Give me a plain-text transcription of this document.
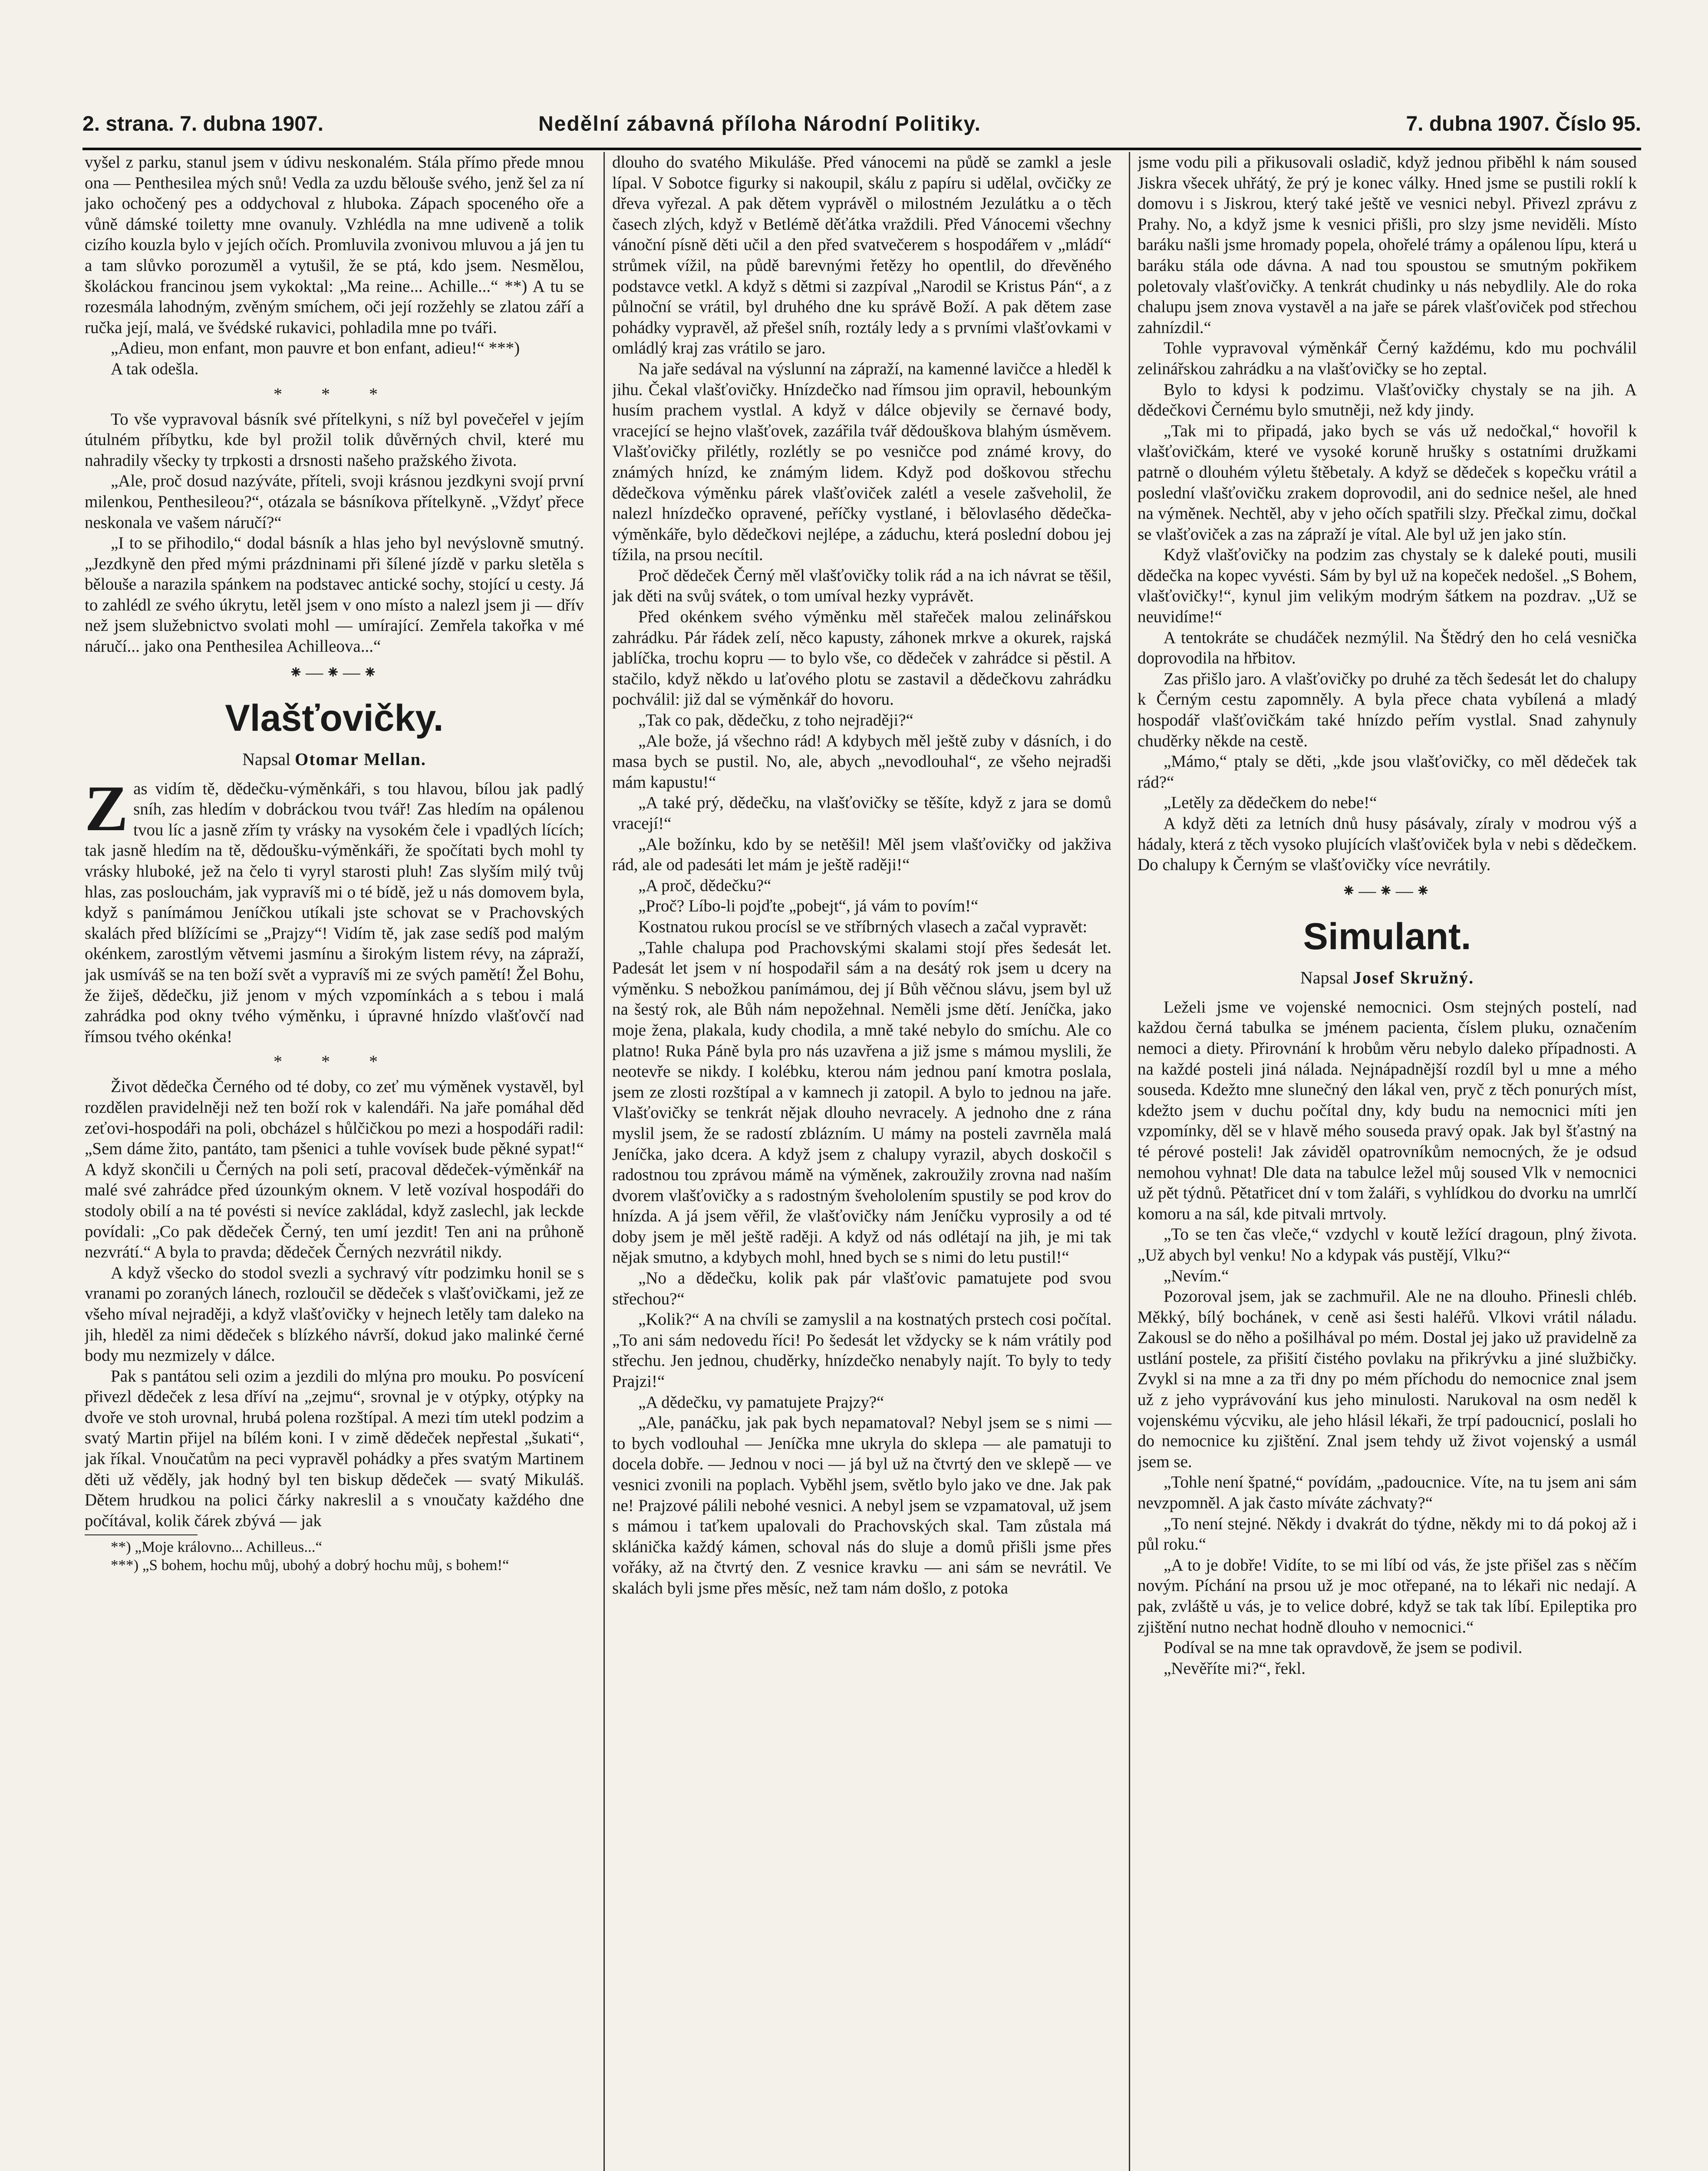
2. strana. 7. dubna 1907.	Nedělní zábavná příloha Národní Politiky.	7. dubna 1907. Číslo 95.

vyšel z parku, stanul jsem v údivu neskonalém. Stála přímo přede mnou ona — Penthesilea mých snů! Vedla za uzdu běloušе svého, jenž šel za ní jako ochočený pes a oddychoval z hluboka. Zápach spoceného oře a vůně dámské toiletty mne ovanuly. Vzhlédla na mne udiveně a tolik cizího kouzla bylo v jejích očích. Promluvila zvonivou mluvou a já jen tu a tam slůvko porozuměl a vytušil, že se ptá, kdo jsem. Nesmělou, školáckou francinou jsem vykoktal: „Ma reine... Achille...“ **) A tu se rozesmála lahodným, zvěným smíchem, oči její rozžehly se zlatou září a ručka její, malá, ve švédské rukavici, pohladila mne po tváři.

„Adieu, mon enfant, mon pauvre et bon enfant, adieu!“ ***)

A tak odešla.

* * *

To vše vypravoval básník své přítelkyni, s níž byl povečeřel v jejím útulném příbytku, kde byl prožil tolik důvěrných chvil, které mu nahradily všecky ty trpkosti a drsnosti našeho pražského života.

„Ale, proč dosud nazýváte, příteli, svoji krásnou jezdkyni svojí první milenkou, Penthesileou?“, otázala se básníkova přítelkyně. „Vždyť přece neskonala ve vašem náručí?“

„I to se přihodilo,“ dodal básník a hlas jeho byl nevýslovně smutný. „Jezdkyně den před mými prázdninami při šílené jízdě v parku sletěla s běloušе a narazila spánkem na podstavec antické sochy, stojící u cesty. Já to zahlédl ze svého úkrytu, letěl jsem v ono místo a nalezl jsem ji — dřív než jsem služebnictvo svolati mohl — umírající. Zemřela takořka v mé náručí... jako ona Penthesilea Achilleova...“

⁕—⁕—⁕
Vlašťovičky.
Napsal Otomar Mellan.

Zas vidím tě, dědečku-výměnkáři, s tou hlavou, bílou jak padlý sníh, zas hledím v dobráckou tvou tvář! Zas hledím na opálenou tvou líc a jasně zřím ty vrásky na vysokém čele i vpadlých lících; tak jasně hledím na tě, dědoušku-výměnkáři, že spočítati bych mohl ty vrásky hluboké, jež na čelo ti vyryl starosti pluh! Zas slyším milý tvůj hlas, zas poslouchám, jak vypravíš mi o té bídě, jež u nás domovem byla, když s panímámou Jeníčkou utíkali jste schovat se v Prachovských skalách před blížícími se „Prajzy“! Vidím tě, jak zase sedíš pod malým okénkem, zarostlým větvemi jasmínu a širokým listem révy, na zápraží, jak usmíváš se na ten boží svět a vypravíš mi ze svých pamětí! Žel Bohu, že žiješ, dědečku, již jenom v mých vzpomínkách a s tebou i malá zahrádka pod okny tvého výměnku, i úpravné hnízdo vlašťovčí nad římsou tvého okénka!

* * *

Život dědečka Černého od té doby, co zeť mu výměnek vystavěl, byl rozdělen pravidelněji než ten boží rok v kalendáři. Na jaře pomáhal děd zeťovi-hospodáři na poli, obcházel s hůlčičkou po mezi a hospodáři radil: „Sem dáme žito, pantáto, tam pšenici a tuhle vovísek bude pěkné sypat!“ A když skončili u Černých na poli setí, pracoval dědeček-výměnkář na malé své zahrádce před úzounkým oknem. V letě vozíval hospodáři do stodoly obilí a na té povésti si nevíce zakládal, když zaslechl, jak leckde povídali: „Co pak dědeček Černý, ten umí jezdit! Ten ani na průhoně nezvrátí.“ A byla to pravda; dědeček Černých nezvrátil nikdy.

A když všecko do stodol svezli a sychravý vítr podzimku honil se s vranami po zoraných lánech, rozloučil se dědeček s vlašťovičkami, jež ze všeho míval nejraději, a když vlašťovičky v hejnech letěly tam daleko na jih, hleděl za nimi dědeček s blízkého návrší, dokud jako malinké černé body mu nezmizely v dálce.

Pak s pantátou seli ozim a jezdili do mlýna pro mouku. Po posvícení přivezl dědeček z lesa dříví na „zejmu“, srovnal je v otýpky, otýpky na dvoře ve stoh urovnal, hrubá polena rozštípal. A mezi tím utekl podzim a svatý Martin přijel na bílém koni. I v zimě dědeček nepřestal „šukati“, jak říkal. Vnoučatům na peci vypravěl pohádky a přes svatým Martinem děti už věděly, jak hodný byl ten biskup dědeček — svatý Mikuláš. Dětem hrudkou na polici čárky nakreslil a s vnoučaty každého dne počítával, kolik čárek zbývá — jak

**) „Moje královno... Achilleus...“

***) „S bohem, hochu můj, ubohý a dobrý hochu můj, s bohem!“

dlouho do svatého Mikuláše. Před vánocemi na půdě se zamkl a jesle lípal. V Sobotce figurky si nakoupil, skálu z papíru si udělal, ovčičky ze dřeva vyřezal. A pak dětem vyprávěl o milostném Jezulátku a o těch časech zlých, když v Betlémě děťátka vraždili. Před Vánocemi všechny vánoční písně děti učil a den před svatvečerem s hospodářem v „mládí“ strůmek vížil, na půdě barevnými řetězy ho opentlil, do dřevěného podstavce vetkl. A když s dětmi si zazpíval „Narodil se Kristus Pán“, a z půlnoční se vrátil, byl druhého dne ku správě Boží. A pak dětem zase pohádky vypravěl, až přešel sníh, roztály ledy a s prvními vlašťovkami v omládlý kraj zas vrátilo se jaro.

Na jaře sedával na výslunní na zápraží, na kamenné lavičce a hleděl k jihu. Čekal vlašťovičky. Hnízdečko nad římsou jim opravil, hebounkým husím prachem vystlal. A když v dálce objevily se černavé body, vracející se hejno vlašťovek, zazářila tvář dědouškova blahým úsměvem. Vlašťovičky přilétly, rozlétly se po vesničce pod známé krovy, do známých hnízd, ke známým lidem. Když pod doškovou střechu dědečkova výměnku párek vlašťoviček zalétl a vesele zašveholil, že nalezl hnízdečko opravené, peříčky vystlané, i bělovlasého dědečka-výměnkáře, bylo dědečkovi nejlépe, a záduchu, která poslední dobou jej tížila, na prsou necítil.

Proč dědeček Černý měl vlašťovičky tolik rád a na ich návrat se těšil, jak děti na svůj svátek, o tom umíval hezky vyprávět.

Před okénkem svého výměnku měl stařeček malou zelinářskou zahrádku. Pár řádek zelí, něco kapusty, záhonek mrkve a okurek, rajská jablíčka, trochu kopru — to bylo vše, co dědeček v zahrádce si pěstil. A stačilo, když někdo u laťového plotu se zastavil a dědečkovu zahrádku pochválil: již dal se výměnkář do hovoru.

„Tak co pak, dědečku, z toho nejraději?“

„Ale bože, já všechno rád! A kdybych měl ještě zuby v dásních, i do masa bych se pustil. No, ale, abych „nevodlouhal“, ze všeho nejradši mám kapustu!“

„A také prý, dědečku, na vlašťovičky se těšíte, když z jara se domů vracejí!“

„Ale božínku, kdo by se netěšil! Měl jsem vlašťovičky od jakživa rád, ale od padesáti let mám je ještě raději!“

„A proč, dědečku?“

„Proč? Líbo-li pojďte „pobejt“, já vám to povím!“

Kostnatou rukou procísl se ve stříbrných vlasech a začal vypravět:

„Tahle chalupa pod Prachovskými skalami stojí přes šedesát let. Padesát let jsem v ní hospodařil sám a na desátý rok jsem u dcery na výměnku. S nebožkou panímámou, dej jí Bůh věčnou slávu, jsem byl už na šestý rok, ale Bůh nám nepožehnal. Neměli jsme dětí. Jeníčka, jako moje žena, plakala, kudy chodila, a mně také nebylo do smíchu. Ale co platno! Ruka Páně byla pro nás uzavřena a již jsme s mámou myslili, že neotevře se nikdy. I kolébku, kterou nám jednou paní kmotra poslala, jsem ze zlosti rozštípal a v kamnech ji zatopil. A bylo to jednou na jaře. Vlašťovičky se tenkrát nějak dlouho nevracely. A jednoho dne z rána myslil jsem, že se radostí zblázním. U mámy na postelі zavrněla malá Jeníčka, jako dcera. A když jsem z chalupy vyrazil, abych doskočil s radostnou tou zprávou mámě na výměnek, zakroužily zrovna nad naším dvorem vlašťovičky a s radostným švehololením spustily se pod krov do hnízda. A já jsem věřil, že vlašťovičky nám Jeníčku vyprosily a od té doby jsem je měl ještě raději. A když od nás odlétají na jih, je mi tak nějak smutno, a kdybych mohl, hned bych se s nimi do letu pustil!“

„No a dědečku, kolik pak pár vlašťovic pamatujete pod svou střechou?“

„Kolik?“ A na chvíli se zamyslil a na kostnatých prstech cosi počítal. „To ani sám nedovedu říci! Po šedesát let vždycky se k nám vrátily pod střechu. Jen jednou, chuděrky, hnízdečko nenabyly najít. To byly to tedy Prajzi!“

„A dědečku, vy pamatujete Prajzy?“

„Ale, panáčku, jak pak bych nepamatoval? Nebyl jsem se s nimi — to bych vodlouhal — Jeníčka mne ukryla do sklepa — ale pamatuji to docela dobře. — Jednou v noci — já byl už na čtvrtý den ve sklepě — ve vesnici zvonili na poplach. Vyběhl jsem, světlo bylo jako ve dne. Jak pak ne! Prajzové pálili nebohé vesnici. A nebyl jsem se vzpamatoval, už jsem s mámou i taťkem upalovali do Prachovských skal. Tam zůstala má sklánička každý kámen, schoval nás do sluje a domů přišli jsme přes vořáky, až na čtvrtý den. Z vesnice kravku — ani sám se nevrátil. Ve skalách byli jsme přes měsíc, než tam nám došlo, z potoka

jsme vodu pili a přikusovali osladič, když jednou přiběhl k nám soused Jiskra všecek uhřátý, že prý je konec války. Hned jsme se pustili roklí k domovu i s Jiskrou, který také ještě ve vesnici nebyl. Přivezl zprávu z Prahy. No, a když jsme k vesnici přišli, pro slzy jsme neviděli. Místo baráku našli jsme hromady popela, ohořelé trámy a opálenou lípu, která u baráku stála ode dávna. A nad tou spoustou se smutným pokřikem poletovaly vlašťovičky. A tenkrát chudinky u nás nebydlily. Ale do roka chalupu jsem znova vystavěl a na jaře se párek vlašťoviček pod střechou zahnízdil.“

Tohle vypravoval výměnkář Černý každému, kdo mu pochválil zelinářskou zahrádku a na vlašťovičky se ho zeptal.

Bylo to kdysi k podzimu. Vlašťovičky chystaly se na jih. A dědečkovi Černému bylo smutněji, než kdy jindy.

„Tak mi to připadá, jako bych se vás už nedočkal,“ hovořil k vlašťovičkám, které ve vysoké koruně hrušky s ostatními družkami patrně o dlouhém výletu štěbetaly. A když se dědeček s kopečku vrátil a poslední vlašťovičku zrakem doprovodil, ani do sednice nešel, ale hned na výměnek. Nechtěl, aby v jeho očích spatřili slzy. Přečkal zimu, dočkal se vlašťoviček a zas na zápraží je vítal. Ale byl už jen jako stín.

Když vlašťovičky na podzim zas chystaly se k daleké pouti, musili dědečka na kopec vyvésti. Sám by byl už na kopeček nedošel. „S Bohem, vlašťovičky!“, kynul jim velikým modrým šátkem na pozdrav. „Už se neuvidíme!“

A tentokráte se chudáček nezmýlil. Na Štědrý den ho celá vesnička doprovodila na hřbitov.

Zas přišlo jaro. A vlašťovičky po druhé za těch šedesát let do chalupy k Černým cestu zapomněly. A byla přece chata vybílená a mladý hospodář vlašťovičkám také hnízdo peřím vystlal. Snad zahynuly chuděrky někde na cestě.

„Mámo,“ ptaly se děti, „kde jsou vlašťovičky, co měl dědeček tak rád?“

„Letěly za dědečkem do nebe!“

A když děti za letních dnů husy pásávaly, zíraly v modrou výš a hádaly, která z těch vysoko plujících vlašťoviček byla v nebi s dědečkem. Do chalupy k Černým se vlašťovičky více nevrátily.

⁕—⁕—⁕
Simulant.
Napsal Josef Skružný.

Leželi jsme ve vojenské nemocnici. Osm stejných postelí, nad každou černá tabulka se jménem pacienta, číslem pluku, označením nemoci a diety. Přirovnání k hrobům věru nebylo daleko případnosti. A na každé posteli jiná nálada. Nejnápadnější rozdíl byl u mne a mého souseda. Kdežto mne slunečný den lákal ven, pryč z těch ponurých míst, kdežto jsem v duchu počítal dny, kdy budu na nemocnici míti jen vzpomínky, děl se v hlavě mého souseda pravý opak. Jak byl šťastný na té pérové posteli! Jak záviděl opatrovníkům nemocných, že je odsud nemohou vyhnat! Dle data na tabulce ležel můj soused Vlk v nemocnici už pět týdnů. Pětatřicet dní v tom žaláři, s vyhlídkou do dvorku na umrlčí komoru a na sál, kde pitvali mrtvoly.

„To se ten čas vleče,“ vzdychl v koutě ležící dragoun, plný života. „Už abych byl venku! No a kdypak vás pustějí, Vlku?“

„Nevím.“

Pozoroval jsem, jak se zachmuřil. Ale ne na dlouho. Přinesli chléb. Měkký, bílý bochánek, v ceně asi šesti haléřů. Vlkovi vrátil náladu. Zakousl se do něho a pošilhával po mém. Dostal jej jako už pravidelně za ustlání postele, za přišití čistého povlaku na přikrývku a jiné službičky. Zvykl si na mne a za tři dny po mém příchodu do nemocnice znal jsem už z jeho vyprávování kus jeho minulosti. Narukoval na osm neděl k vojenskému výcviku, ale jeho hlásil lékaři, že trpí padoucnicí, poslali ho do nemocnice ku zjištění. Znal jsem tehdy už život vojenský a usmál jsem se.

„Tohle není špatné,“ povídám, „padoucnice. Víte, na tu jsem ani sám nevzpomněl. A jak často míváte záchvaty?“

„To není stejné. Někdy i dvakrát do týdne, někdy mi to dá pokoj až i půl roku.“

„A to je dobře! Vidíte, to se mi líbí od vás, že jste přišel zas s něčím novým. Píchání na prsou už je moc otřepané, na to lékaři nic nedají. A pak, zvláště u vás, je to velice dobré, když se tak tak líbí. Epileptika pro zjištění nutno nechat hodně dlouho v nemocnici.“

Podíval se na mne tak opravdově, že jsem se podivil.

„Nevěříte mi?“, řekl.
